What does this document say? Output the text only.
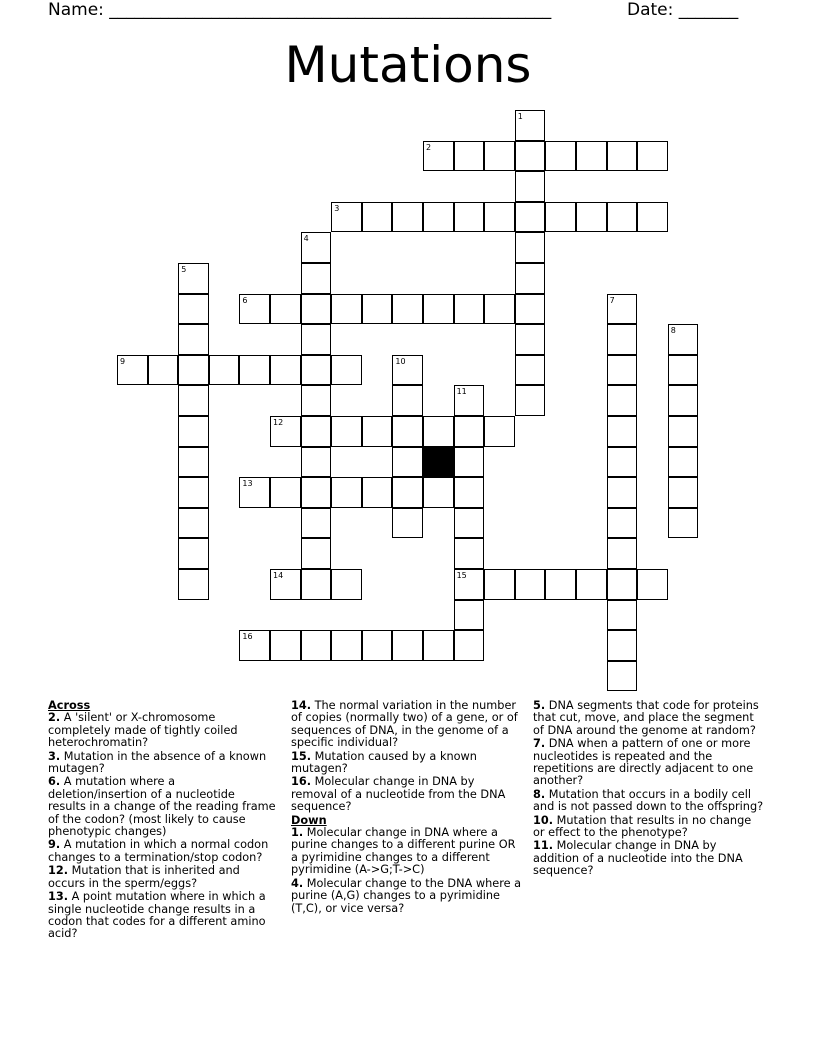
Name: ____________________________________________________	Date: _______
Mutations
1
2
3
4
5
6	7
8
9	10
11
15
12
13
14
16

Across

2. A 'silent' or X-chromosome completely made of tightly coiled heterochromatin?

3. Mutation in the absence of a known mutagen?

6. A mutation where a deletion/insertion of a nucleotide results in a change of the reading frame of the codon? (most likely to cause phenotypic changes)

9. A mutation in which a normal codon changes to a termination/stop codon?

12. Mutation that is inherited and occurs in the sperm/eggs?

13. A point mutation where in which a single nucleotide change results in a codon that codes for a different amino acid?

14. The normal variation in the number of copies (normally two) of a gene, or of sequences of DNA, in the genome of a specific individual?

15. Mutation caused by a known mutagen?

16. Molecular change in DNA by removal of a nucleotide from the DNA sequence?

Down

1. Molecular change in DNA where a purine changes to a different purine OR a pyrimidine changes to a different pyrimidine (A->G;T->C)

4. Molecular change to the DNA where a purine (A,G) changes to a pyrimidine (T,C), or vice versa?

5. DNA segments that code for proteins that cut, move, and place the segment of DNA around the genome at random?

7. DNA when a pattern of one or more nucleotides is repeated and the repetitions are directly adjacent to one another?

8. Mutation that occurs in a bodily cell and is not passed down to the offspring?

10. Mutation that results in no change or effect to the phenotype?

11. Molecular change in DNA by addition of a nucleotide into the DNA sequence?
